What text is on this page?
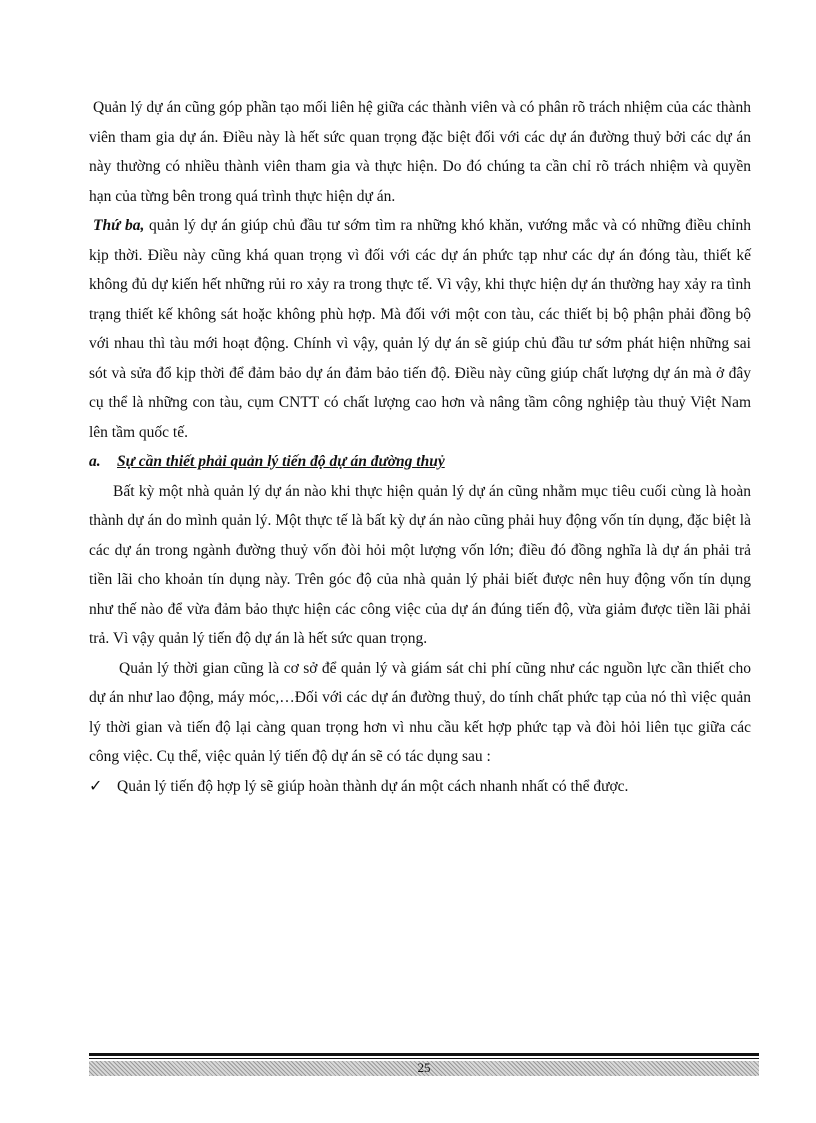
Quản lý dự án cũng góp phần tạo mối liên hệ giữa các thành viên và có phân rõ trách nhiệm của các thành viên tham gia dự án. Điều này là hết sức quan trọng đặc biệt đối với các dự án đường thuỷ bởi các dự án này thường có nhiều thành viên tham gia và thực hiện. Do đó chúng ta cần chỉ rõ trách nhiệm và quyền hạn của từng bên trong quá trình thực hiện dự án.

Thứ ba, quản lý dự án giúp chủ đầu tư sớm tìm ra những khó khăn, vướng mắc và có những điều chỉnh kịp thời. Điều này cũng khá quan trọng vì đối với các dự án phức tạp như các dự án đóng tàu, thiết kế không đủ dự kiến hết những rủi ro xảy ra trong thực tế. Vì vậy, khi thực hiện dự án thường hay xảy ra tình trạng thiết kế không sát hoặc không phù hợp. Mà đối với một con tàu, các thiết bị bộ phận phải đồng bộ với nhau thì tàu mới hoạt động. Chính vì vậy, quản lý dự án sẽ giúp chủ đầu tư sớm phát hiện những sai sót và sửa đổ kịp thời để đảm bảo dự án đảm bảo tiến độ. Điều này cũng giúp chất lượng dự án mà ở đây cụ thể là những con tàu, cụm CNTT có chất lượng cao hơn và nâng tầm công nghiệp tàu thuỷ Việt Nam lên tầm quốc tế.

a. Sự cần thiết phải quản lý tiến độ dự án đường thuỷ

Bất kỳ một nhà quản lý dự án nào khi thực hiện quản lý dự án cũng nhằm mục tiêu cuối cùng là hoàn thành dự án do mình quản lý. Một thực tế là bất kỳ dự án nào cũng phải huy động vốn tín dụng, đặc biệt là các dự án trong ngành đường thuỷ vốn đòi hỏi một lượng vốn lớn; điều đó đồng nghĩa là dự án phải trả tiền lãi cho khoản tín dụng này. Trên góc độ của nhà quản lý phải biết được nên huy động vốn tín dụng như thế nào để vừa đảm bảo thực hiện các công việc của dự án đúng tiến độ, vừa giảm được tiền lãi phải trả. Vì vậy quản lý tiến độ dự án là hết sức quan trọng.

Quản lý thời gian cũng là cơ sở để quản lý và giám sát chi phí cũng như các nguồn lực cần thiết cho dự án như lao động, máy móc,…Đối với các dự án đường thuỷ, do tính chất phức tạp của nó thì việc quản lý thời gian và tiến độ lại càng quan trọng hơn vì nhu cầu kết hợp phức tạp và đòi hỏi liên tục giữa các công việc. Cụ thể, việc quản lý tiến độ dự án sẽ có tác dụng sau :

✓ Quản lý tiến độ hợp lý sẽ giúp hoàn thành dự án một cách nhanh nhất có thể được.
25
